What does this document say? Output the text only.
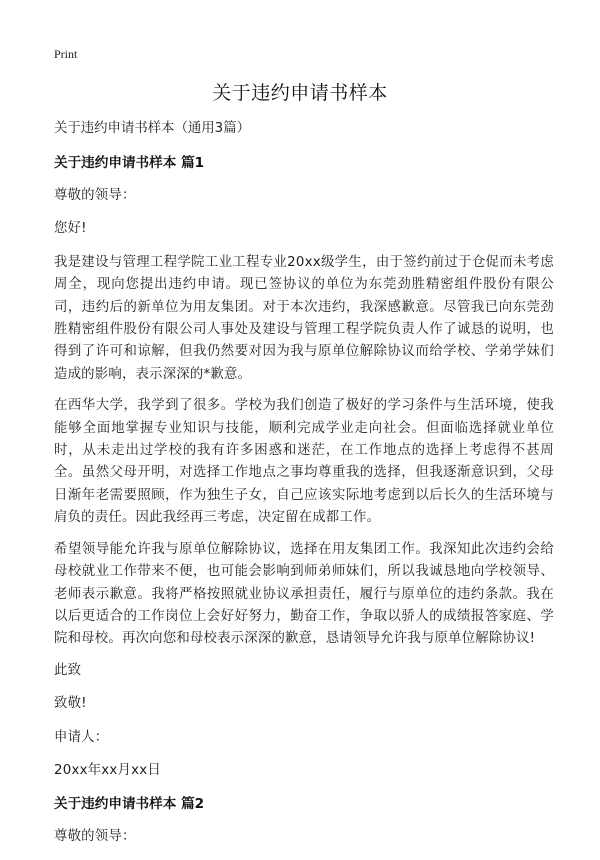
Print
关于违约申请书样本

关于违约申请书样本（通用3篇）

关于违约申请书样本 篇1

尊敬的领导：

您好!

我是建设与管理工程学院工业工程专业20xx级学生，由于签约前过于仓促而未考虑周全，现向您提出违约申请。现已签协议的单位为东莞劲胜精密组件股份有限公司，违约后的新单位为用友集团。对于本次违约，我深感歉意。尽管我已向东莞劲胜精密组件股份有限公司人事处及建设与管理工程学院负责人作了诚恳的说明，也得到了许可和谅解，但我仍然要对因为我与原单位解除协议而给学校、学弟学妹们造成的影响，表示深深的*歉意。

在西华大学，我学到了很多。学校为我们创造了极好的学习条件与生活环境，使我能够全面地掌握专业知识与技能，顺利完成学业走向社会。但面临选择就业单位时，从未走出过学校的我有许多困惑和迷茫，在工作地点的选择上考虑得不甚周全。虽然父母开明，对选择工作地点之事均尊重我的选择，但我逐渐意识到，父母日渐年老需要照顾，作为独生子女，自己应该实际地考虑到以后长久的生活环境与肩负的责任。因此我经再三考虑，决定留在成都工作。

希望领导能允许我与原单位解除协议，选择在用友集团工作。我深知此次违约会给母校就业工作带来不便，也可能会影响到师弟师妹们，所以我诚恳地向学校领导、老师表示歉意。我将严格按照就业协议承担责任，履行与原单位的违约条款。我在以后更适合的工作岗位上会好好努力，勤奋工作，争取以骄人的成绩报答家庭、学院和母校。再次向您和母校表示深深的歉意，恳请领导允许我与原单位解除协议!

此致

致敬!

申请人：

20xx年xx月xx日

关于违约申请书样本 篇2

尊敬的领导：
